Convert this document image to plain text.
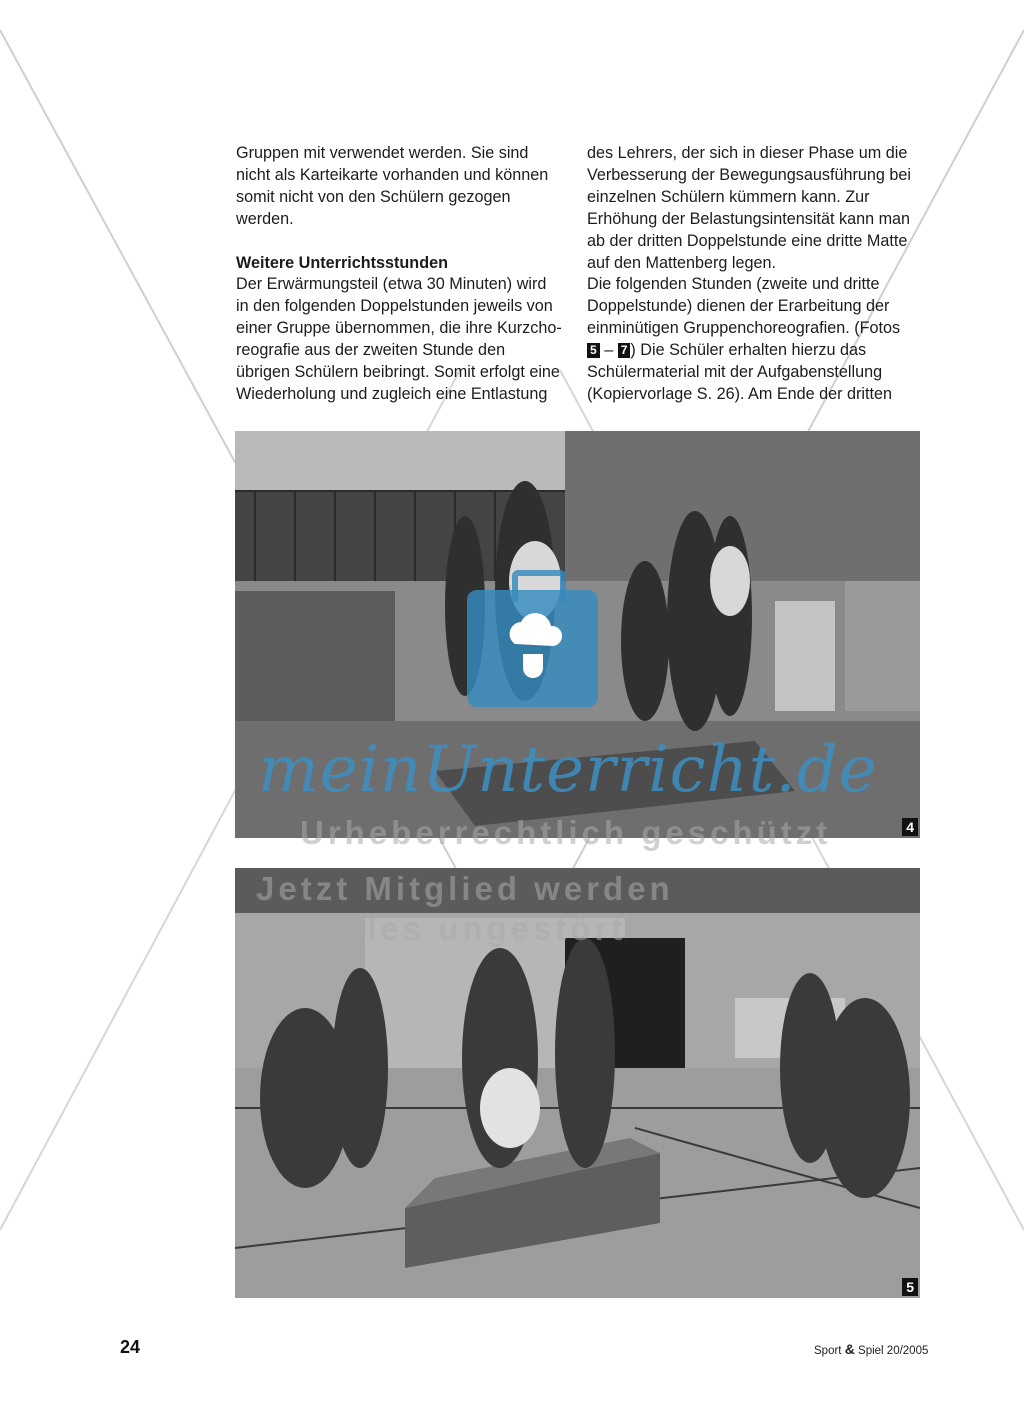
Gruppen mit verwendet werden. Sie sind

nicht als Karteikarte vorhanden und können

somit nicht von den Schülern gezogen

werden.

Weitere Unterrichtsstunden

Der Erwärmungsteil (etwa 30 Minuten) wird

in den folgenden Doppelstunden jeweils von

einer Gruppe übernommen, die ihre Kurzcho-

reografie aus der zweiten Stunde den

übrigen Schülern beibringt. Somit erfolgt eine

Wiederholung und zugleich eine Entlastung

des Lehrers, der sich in dieser Phase um die

Verbesserung der Bewegungsausführung bei

einzelnen Schülern kümmern kann. Zur

Erhöhung der Belastungsintensität kann man

ab der dritten Doppelstunde eine dritte Matte

auf den Mattenberg legen.

Die folgenden Stunden (zweite und dritte

Doppelstunde) dienen der Erarbeitung der

einminütigen Gruppenchoreografien. (Fotos

5 – 7 ) Die Schüler erhalten hierzu das

Schülermaterial mit der Aufgabenstellung

(Kopiervorlage S. 26). Am Ende der dritten

4
5
meinUnterricht.de
Urheberrechtlich geschützt
Jetzt Mitglied werden
und alles ungestört
24	Sport & Spiel 20/2005
